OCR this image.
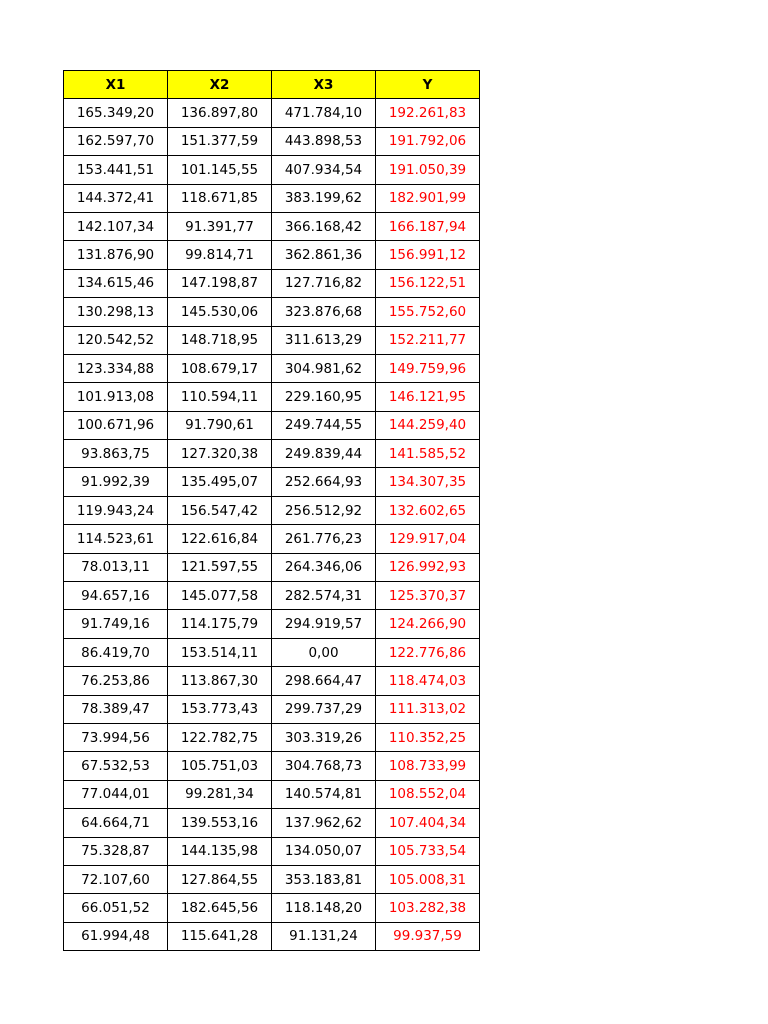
X1	X2	X3	Y
165.349,20	136.897,80	471.784,10	192.261,83
162.597,70	151.377,59	443.898,53	191.792,06
153.441,51	101.145,55	407.934,54	191.050,39
144.372,41	118.671,85	383.199,62	182.901,99
142.107,34	91.391,77	366.168,42	166.187,94
131.876,90	99.814,71	362.861,36	156.991,12
134.615,46	147.198,87	127.716,82	156.122,51
130.298,13	145.530,06	323.876,68	155.752,60
120.542,52	148.718,95	311.613,29	152.211,77
123.334,88	108.679,17	304.981,62	149.759,96
101.913,08	110.594,11	229.160,95	146.121,95
100.671,96	91.790,61	249.744,55	144.259,40
93.863,75	127.320,38	249.839,44	141.585,52
91.992,39	135.495,07	252.664,93	134.307,35
119.943,24	156.547,42	256.512,92	132.602,65
114.523,61	122.616,84	261.776,23	129.917,04
78.013,11	121.597,55	264.346,06	126.992,93
94.657,16	145.077,58	282.574,31	125.370,37
91.749,16	114.175,79	294.919,57	124.266,90
86.419,70	153.514,11	0,00	122.776,86
76.253,86	113.867,30	298.664,47	118.474,03
78.389,47	153.773,43	299.737,29	111.313,02
73.994,56	122.782,75	303.319,26	110.352,25
67.532,53	105.751,03	304.768,73	108.733,99
77.044,01	99.281,34	140.574,81	108.552,04
64.664,71	139.553,16	137.962,62	107.404,34
75.328,87	144.135,98	134.050,07	105.733,54
72.107,60	127.864,55	353.183,81	105.008,31
66.051,52	182.645,56	118.148,20	103.282,38
61.994,48	115.641,28	91.131,24	99.937,59
